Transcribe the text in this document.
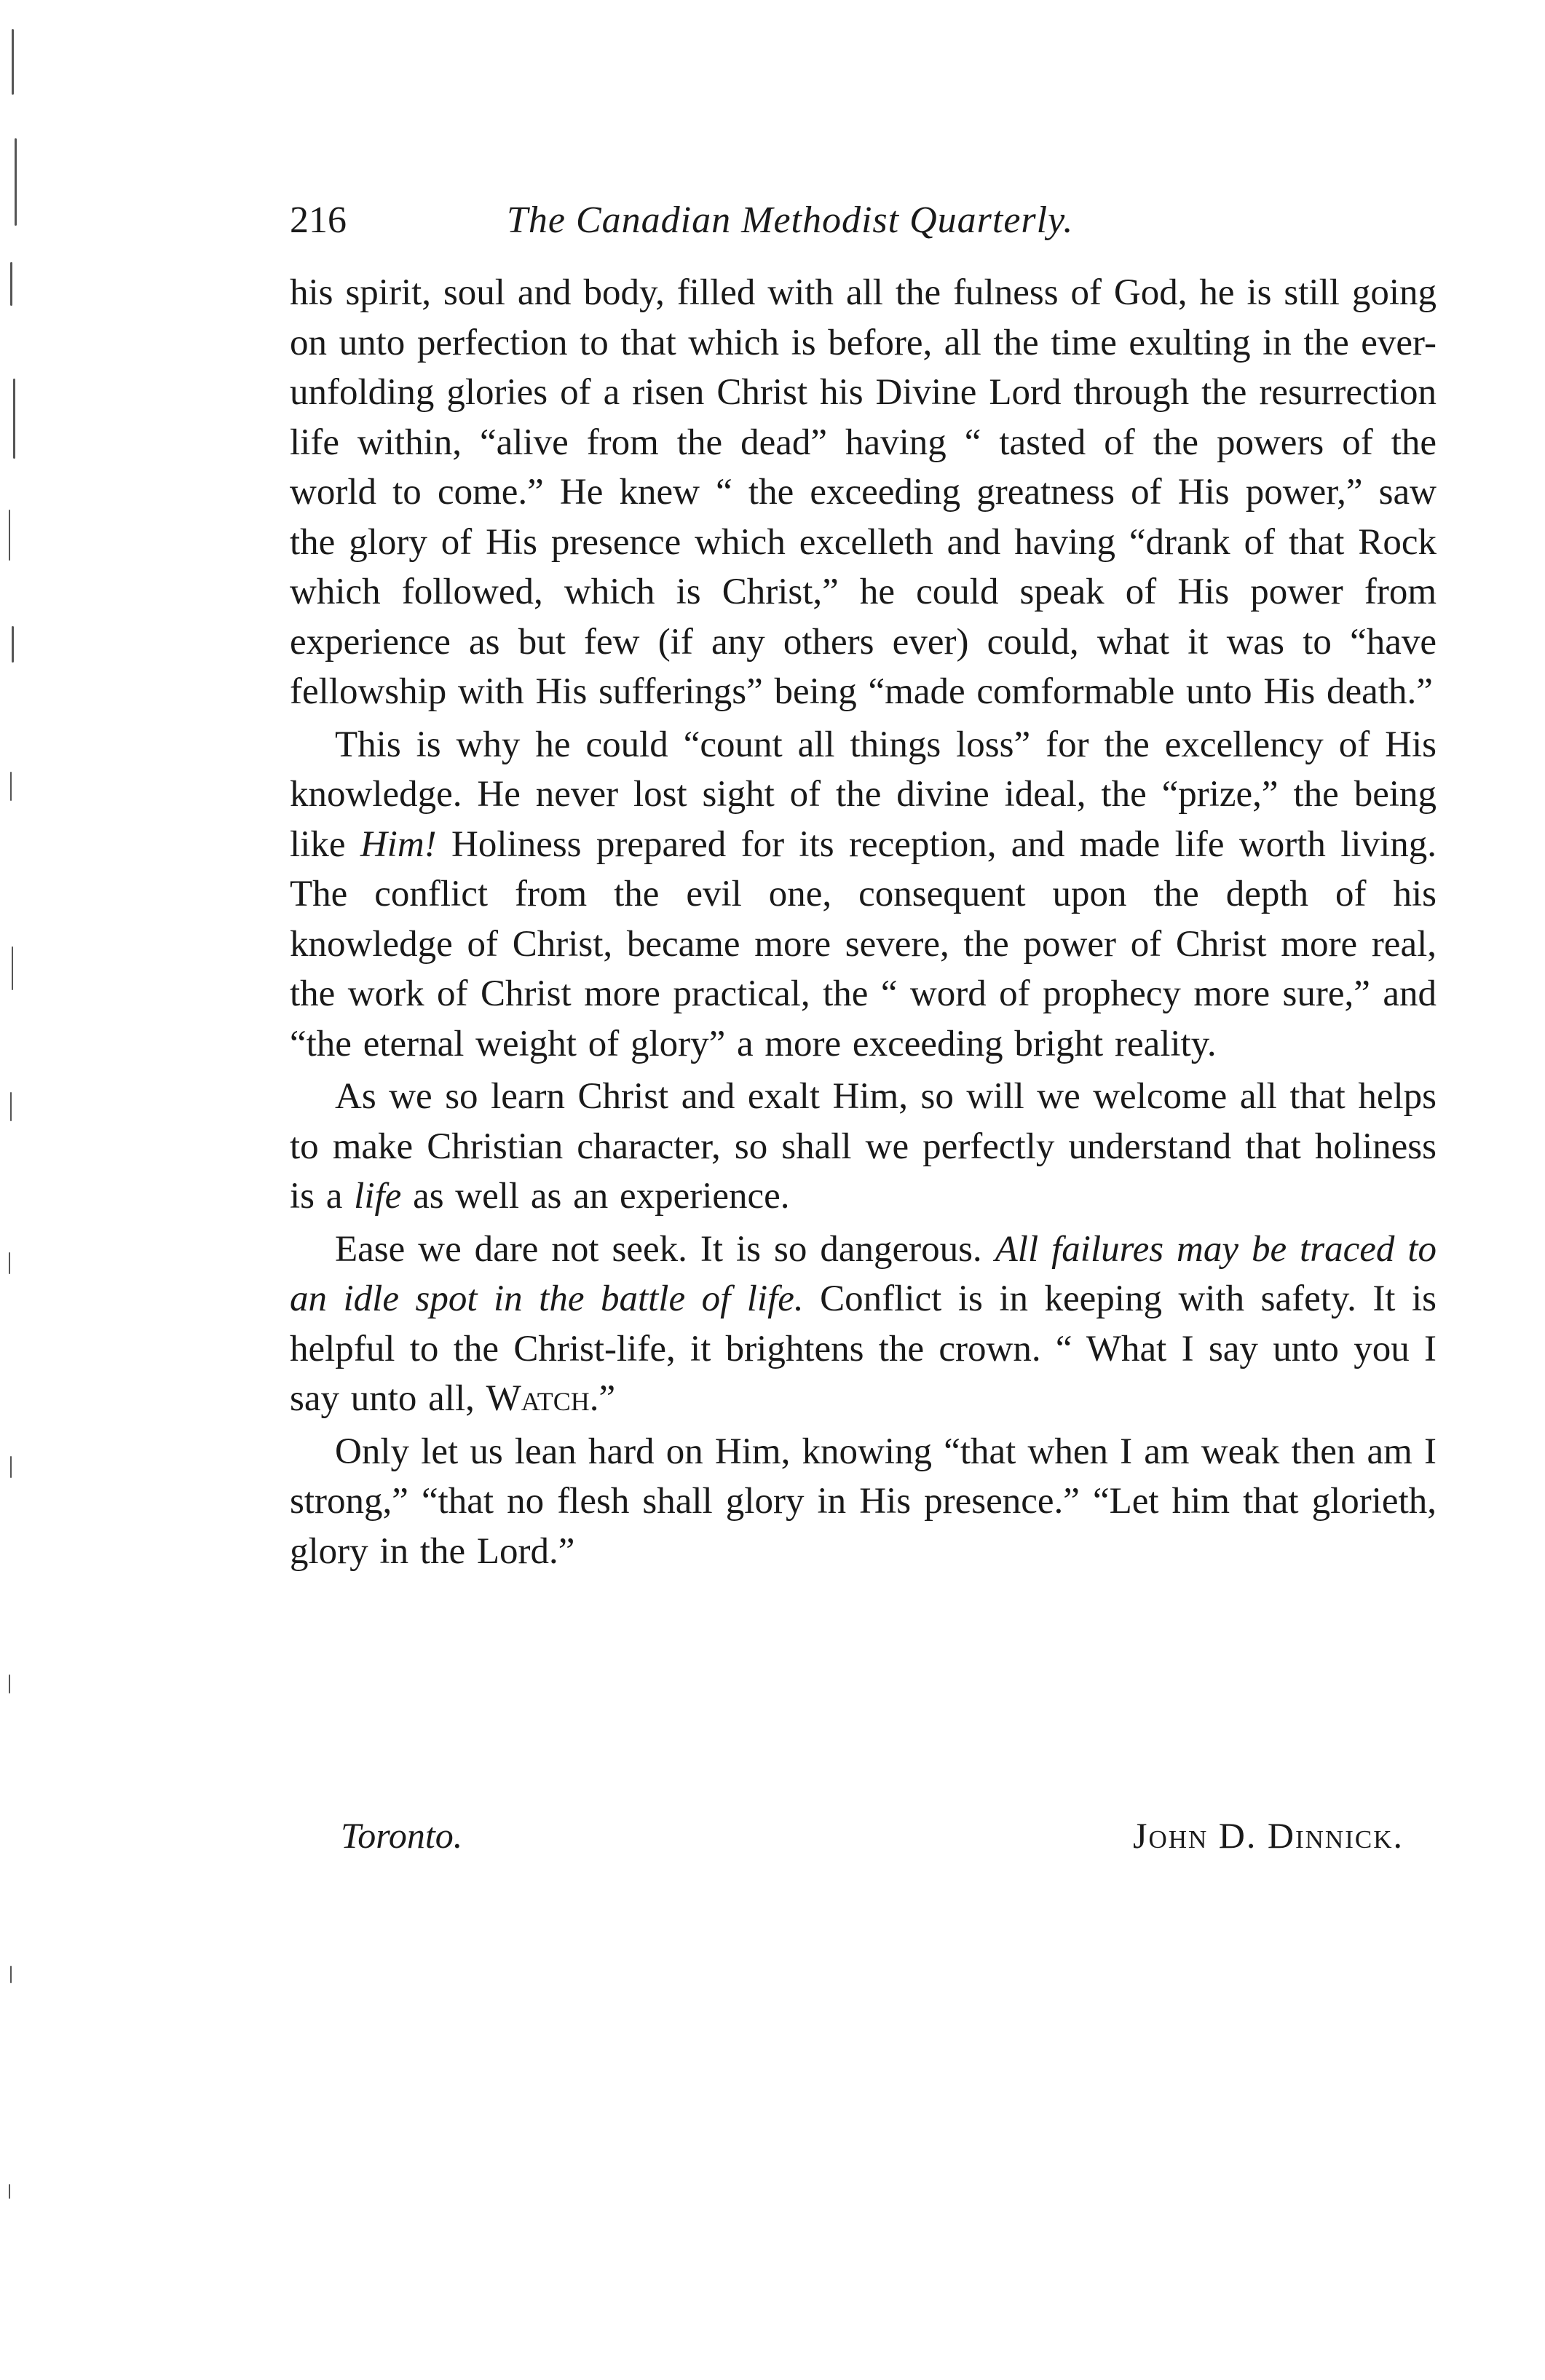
216	The Canadian Methodist Quarterly.

his spirit, soul and body, filled with all the fulness of God, he is still going on unto perfection to that which is before, all the time exulting in the ever-unfolding glories of a risen Christ his Divine Lord through the resurrection life within, “alive from the dead” having “ tasted of the powers of the world to come.” He knew “ the exceeding greatness of His power,” saw the glory of His presence which excelleth and having “drank of that Rock which followed, which is Christ,” he could speak of His power from experience as but few (if any others ever) could, what it was to “have fellowship with His sufferings” being “made comformable unto His death.”

This is why he could “count all things loss” for the excellency of His knowledge. He never lost sight of the divine ideal, the “prize,” the being like Him! Holiness prepared for its reception, and made life worth living. The conflict from the evil one, consequent upon the depth of his knowledge of Christ, became more severe, the power of Christ more real, the work of Christ more practical, the “ word of prophecy more sure,” and “the eternal weight of glory” a more exceeding bright reality.

As we so learn Christ and exalt Him, so will we welcome all that helps to make Christian character, so shall we perfectly understand that holiness is a life as well as an experience.

Ease we dare not seek. It is so dangerous. All failures may be traced to an idle spot in the battle of life. Conflict is in keeping with safety. It is helpful to the Christ-life, it brightens the crown. “ What I say unto you I say unto all, Watch.”

Only let us lean hard on Him, knowing “that when I am weak then am I strong,” “that no flesh shall glory in His presence.” “Let him that glorieth, glory in the Lord.”

Toronto.	John D. Dinnick.
